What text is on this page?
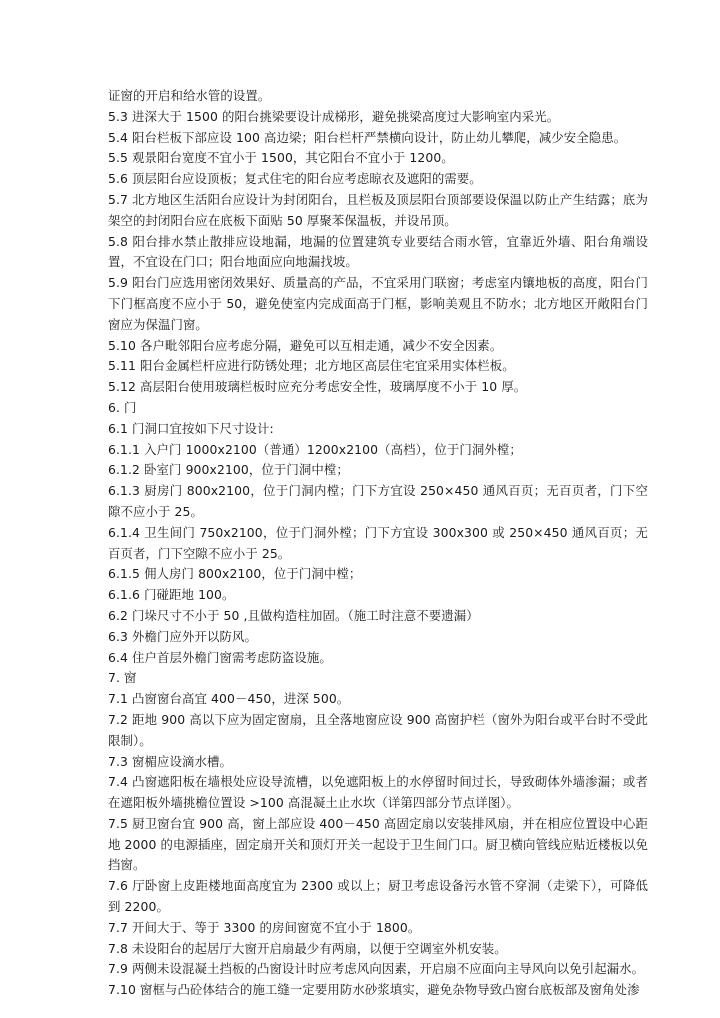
证窗的开启和给水管的设置。

5.3 进深大于 1500 的阳台挑梁要设计成梯形，避免挑梁高度过大影响室内采光。

5.4 阳台栏板下部应设 100 高边梁；阳台栏杆严禁横向设计，防止幼儿攀爬，减少安全隐患。

5.5 观景阳台宽度不宜小于 1500，其它阳台不宜小于 1200。

5.6 顶层阳台应设顶板；复式住宅的阳台应考虑晾衣及遮阳的需要。

5.7 北方地区生活阳台应设计为封闭阳台，且栏板及顶层阳台顶部要设保温以防止产生结露；底为架空的封闭阳台应在底板下面贴 50 厚聚苯保温板，并设吊顶。

5.8 阳台排水禁止散排应设地漏，地漏的位置建筑专业要结合雨水管，宜靠近外墙、阳台角端设置，不宜设在门口；阳台地面应向地漏找坡。

5.9 阳台门应选用密闭效果好、质量高的产品，不宜采用门联窗；考虑室内镶地板的高度，阳台门下门框高度不应小于 50，避免使室内完成面高于门框，影响美观且不防水；北方地区开敞阳台门窗应为保温门窗。

5.10 各户毗邻阳台应考虑分隔，避免可以互相走通，减少不安全因素。

5.11 阳台金属栏杆应进行防锈处理；北方地区高层住宅宜采用实体栏板。

5.12 高层阳台使用玻璃栏板时应充分考虑安全性，玻璃厚度不小于 10 厚。

6. 门

6.1 门洞口宜按如下尺寸设计:

6.1.1 入户门 1000x2100（普通）1200x2100（高档），位于门洞外樘；

6.1.2 卧室门 900x2100，位于门洞中樘；

6.1.3 厨房门 800x2100，位于门洞内樘；门下方宜设 250×450 通风百页；无百页者，门下空隙不应小于 25。

6.1.4 卫生间门 750x2100，位于门洞外樘；门下方宜设 300x300 或 250×450 通风百页；无百页者，门下空隙不应小于 25。

6.1.5 佣人房门 800x2100，位于门洞中樘；

6.1.6 门碰距地 100。

6.2 门垛尺寸不小于 50 ,且做构造柱加固。（施工时注意不要遗漏）

6.3 外檐门应外开以防风。

6.4 住户首层外檐门窗需考虑防盗设施。

7. 窗

7.1 凸窗窗台高宜 400－450，进深 500。

7.2 距地 900 高以下应为固定窗扇，且全落地窗应设 900 高窗护栏（窗外为阳台或平台时不受此限制）。

7.3 窗楣应设滴水槽。

7.4 凸窗遮阳板在墙根处应设导流槽，以免遮阳板上的水停留时间过长，导致砌体外墙渗漏；或者在遮阳板外墙挑檐位置设 >100 高混凝土止水坎（详第四部分节点详图）。

7.5 厨卫窗台宜 900 高，窗上部应设 400－450 高固定扇以安装排风扇，并在相应位置设中心距地 2000 的电源插座，固定扇开关和顶灯开关一起设于卫生间门口。厨卫横向管线应贴近楼板以免挡窗。

7.6 厅卧窗上皮距楼地面高度宜为 2300 或以上；厨卫考虑设备污水管不穿洞（走梁下），可降低到 2200。

7.7 开间大于、等于 3300 的房间窗宽不宜小于 1800。

7.8 未设阳台的起居厅大窗开启扇最少有两扇，以便于空调室外机安装。

7.9 两侧未设混凝土挡板的凸窗设计时应考虑风向因素，开启扇不应面向主导风向以免引起漏水。

7.10 窗框与凸砼体结合的施工缝一定要用防水砂浆填实，避免杂物导致凸窗台底板部及窗角处渗
